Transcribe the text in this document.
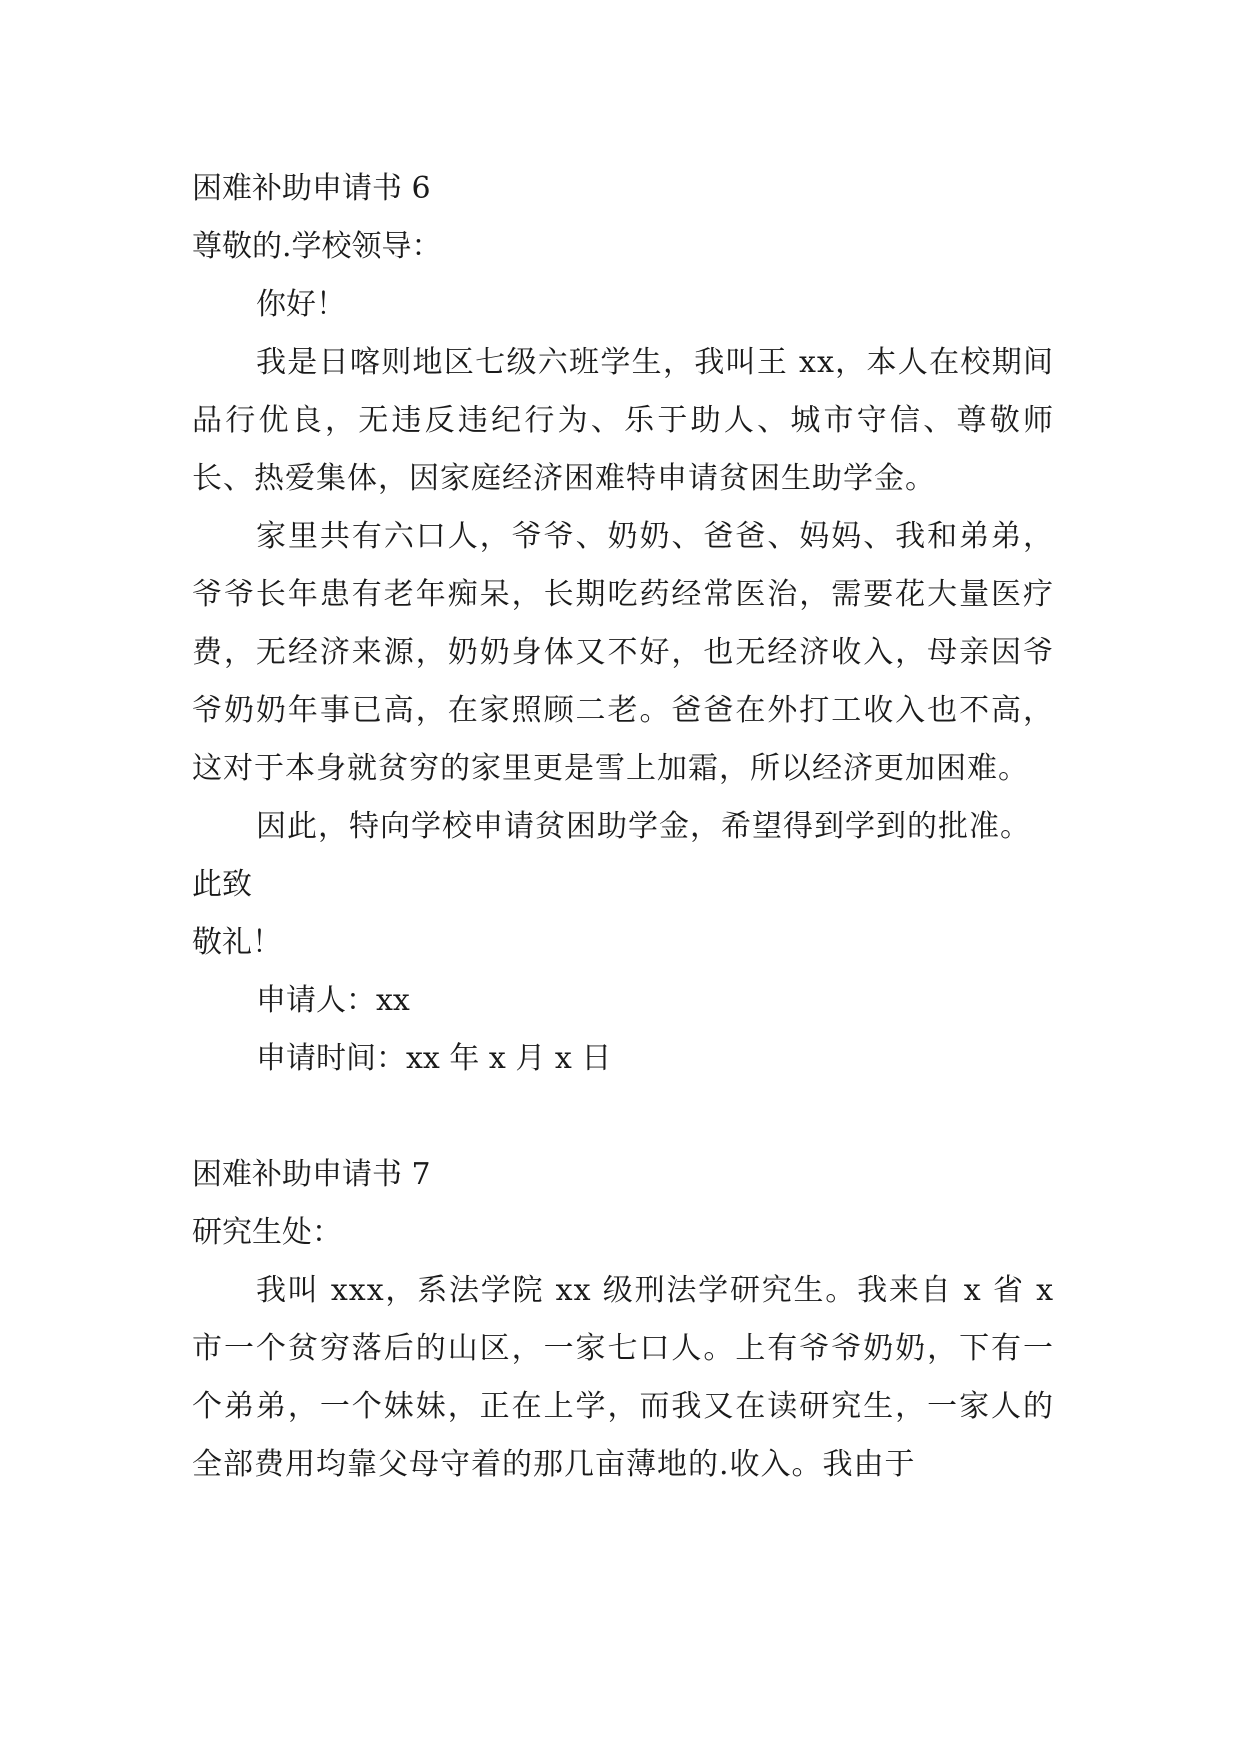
困难补助申请书 6
尊敬的.学校领导：
你好！

我是日喀则地区七级六班学生，我叫王 xx，本人在校期间品行优良，无违反违纪行为、乐于助人、城市守信、尊敬师长、热爱集体，因家庭经济困难特申请贫困生助学金。

家里共有六口人，爷爷、奶奶、爸爸、妈妈、我和弟弟，爷爷长年患有老年痴呆，长期吃药经常医治，需要花大量医疗费，无经济来源，奶奶身体又不好，也无经济收入，母亲因爷爷奶奶年事已高，在家照顾二老。爸爸在外打工收入也不高，这对于本身就贫穷的家里更是雪上加霜，所以经济更加困难。

因此，特向学校申请贫困助学金，希望得到学到的批准。

此致
敬礼！
申请人：xx
申请时间：xx 年 x 月 x 日
困难补助申请书 7
研究生处：

我叫 xxx，系法学院 xx 级刑法学研究生。我来自 x 省 x 市一个贫穷落后的山区，一家七口人。上有爷爷奶奶，下有一个弟弟，一个妹妹，正在上学，而我又在读研究生，一家人的全部费用均靠父母守着的那几亩薄地的.收入。我由于
